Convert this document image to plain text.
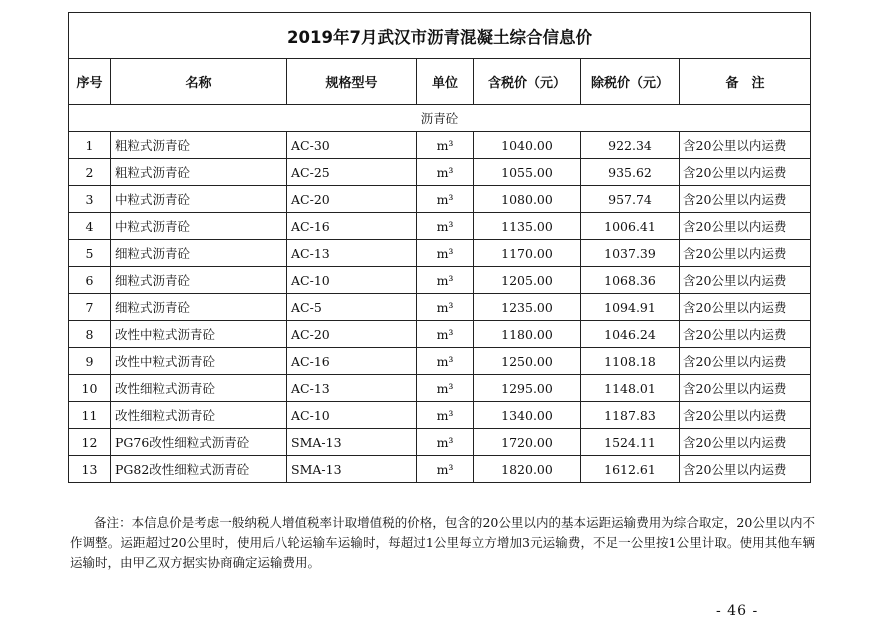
2019年7月武汉市沥青混凝土综合信息价						
序号	名称	规格型号	单位	含税价（元）	除税价（元）	备　注
沥青砼						
1	粗粒式沥青砼	AC-30	m³	1040.00	922.34	含20公里以内运费
2	粗粒式沥青砼	AC-25	m³	1055.00	935.62	含20公里以内运费
3	中粒式沥青砼	AC-20	m³	1080.00	957.74	含20公里以内运费
4	中粒式沥青砼	AC-16	m³	1135.00	1006.41	含20公里以内运费
5	细粒式沥青砼	AC-13	m³	1170.00	1037.39	含20公里以内运费
6	细粒式沥青砼	AC-10	m³	1205.00	1068.36	含20公里以内运费
7	细粒式沥青砼	AC-5	m³	1235.00	1094.91	含20公里以内运费
8	改性中粒式沥青砼	AC-20	m³	1180.00	1046.24	含20公里以内运费
9	改性中粒式沥青砼	AC-16	m³	1250.00	1108.18	含20公里以内运费
10	改性细粒式沥青砼	AC-13	m³	1295.00	1148.01	含20公里以内运费
11	改性细粒式沥青砼	AC-10	m³	1340.00	1187.83	含20公里以内运费
12	PG76改性细粒式沥青砼	SMA-13	m³	1720.00	1524.11	含20公里以内运费
13	PG82改性细粒式沥青砼	SMA-13	m³	1820.00	1612.61	含20公里以内运费
备注：本信息价是考虑一般纳税人增值税率计取增值税的价格，包含的20公里以内的基本运距运输费用为综合取定，20公里以内不作调整。运距超过20公里时，使用后八轮运输车运输时，每超过1公里每立方增加3元运输费，不足一公里按1公里计取。使用其他车辆运输时，由甲乙双方据实协商确定运输费用。
- 46 -
